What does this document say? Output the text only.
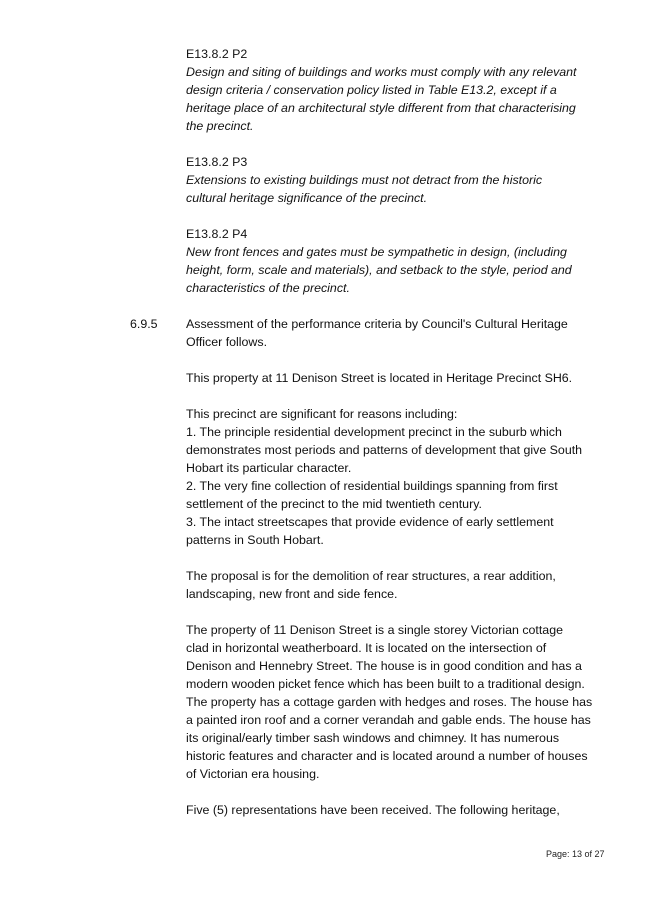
E13.8.2 P2
Design and siting of buildings and works must comply with any relevant
design criteria / conservation policy listed in Table E13.2, except if a
heritage place of an architectural style different from that characterising
the precinct.
E13.8.2 P3
Extensions to existing buildings must not detract from the historic
cultural heritage significance of the precinct.
E13.8.2 P4
New front fences and gates must be sympathetic in design, (including
height, form, scale and materials), and setback to the style, period and
characteristics of the precinct.
6.9.5 Assessment of the performance criteria by Council's Cultural Heritage
Officer follows.
This property at 11 Denison Street is located in Heritage Precinct SH6.
This precinct are significant for reasons including:
1. The principle residential development precinct in the suburb which
demonstrates most periods and patterns of development that give South
Hobart its particular character.
2. The very fine collection of residential buildings spanning from first
settlement of the precinct to the mid twentieth century.
3. The intact streetscapes that provide evidence of early settlement
patterns in South Hobart.
The proposal is for the demolition of rear structures, a rear addition,
landscaping, new front and side fence.
The property of 11 Denison Street is a single storey Victorian cottage
clad in horizontal weatherboard. It is located on the intersection of
Denison and Hennebry Street. The house is in good condition and has a
modern wooden picket fence which has been built to a traditional design.
The property has a cottage garden with hedges and roses. The house has
a painted iron roof and a corner verandah and gable ends. The house has
its original/early timber sash windows and chimney. It has numerous
historic features and character and is located around a number of houses
of Victorian era housing.
Five (5) representations have been received. The following heritage,
Page: 13 of 27
